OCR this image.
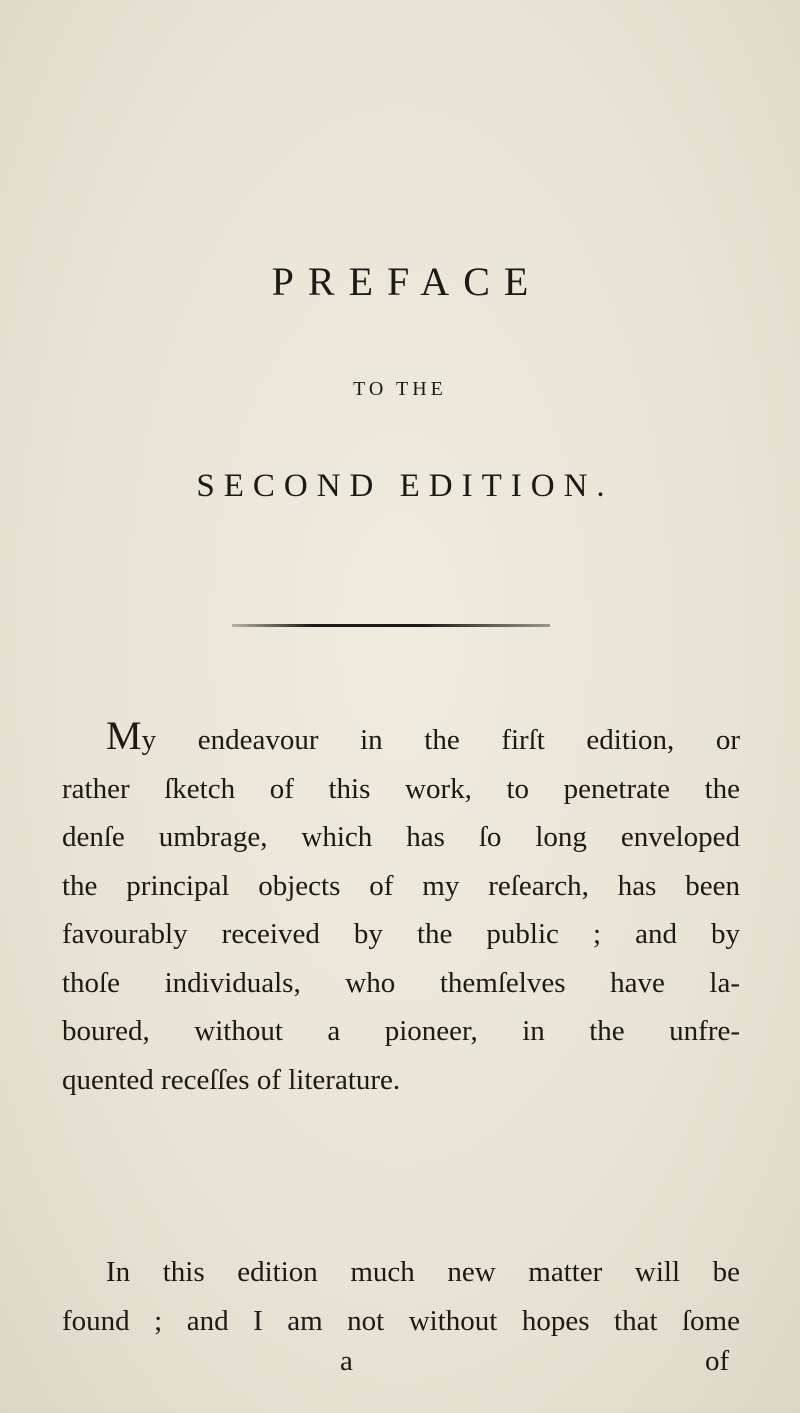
PREFACE
TO THE
SECOND EDITION.
My endeavour in the firſt edition, or
rather ſketch of this work, to penetrate the
denſe umbrage, which has ſo long enveloped
the principal objects of my reſearch, has been
favourably received by the public ; and by
thoſe individuals, who themſelves have la-
boured, without a pioneer, in the unfre-
quented receſſes of literature.
In this edition much new matter will be
found ; and I am not without hopes that ſome
a	of
